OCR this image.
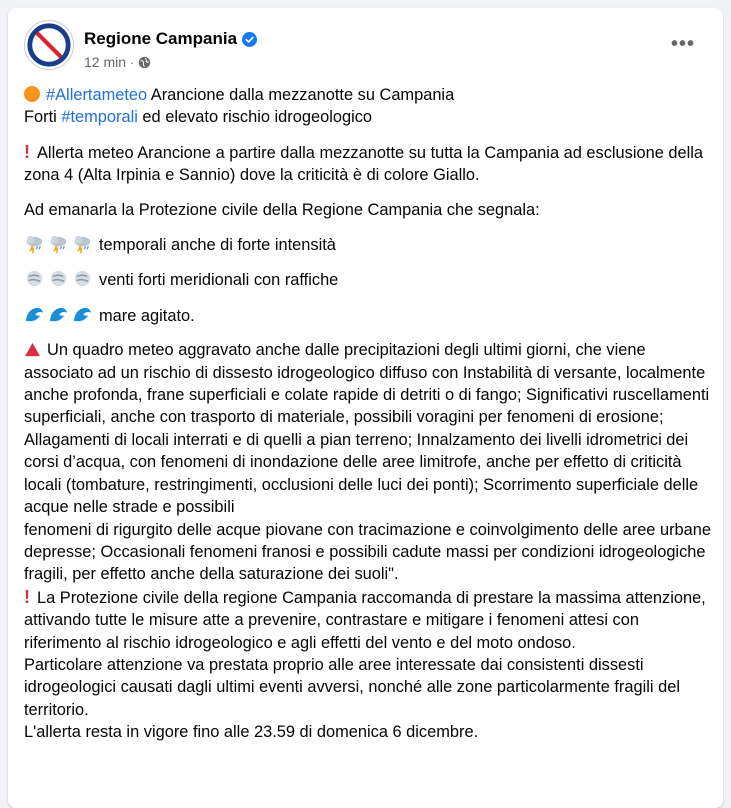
Regione Campania
12 min ·
•••

#Allertameteo Arancione dalla mezzanotte su Campania
Forti #temporali ed elevato rischio idrogeologico

! Allerta meteo Arancione a partire dalla mezzanotte su tutta la Campania ad esclusione della zona 4 (Alta Irpinia e Sannio) dove la criticità è di colore Giallo.

Ad emanarla la Protezione civile della Regione Campania che segnala:

temporali anche di forte intensità

venti forti meridionali con raffiche

mare agitato.

Un quadro meteo aggravato anche dalle precipitazioni degli ultimi giorni, che viene associato ad un rischio di dissesto idrogeologico diffuso con Instabilità di versante, localmente anche profonda, frane superficiali e colate rapide di detriti o di fango; Significativi ruscellamenti superficiali, anche con trasporto di materiale, possibili voragini per fenomeni di erosione; Allagamenti di locali interrati e di quelli a pian terreno; Innalzamento dei livelli idrometrici dei corsi d’acqua, con fenomeni di inondazione delle aree limitrofe, anche per effetto di criticità locali (tombature, restringimenti, occlusioni delle luci dei ponti); Scorrimento superficiale delle acque nelle strade e possibili
fenomeni di rigurgito delle acque piovane con tracimazione e coinvolgimento delle aree urbane depresse; Occasionali fenomeni franosi e possibili cadute massi per condizioni idrogeologiche fragili, per effetto anche della saturazione dei suoli".
! La Protezione civile della regione Campania raccomanda di prestare la massima attenzione, attivando tutte le misure atte a prevenire, contrastare e mitigare i fenomeni attesi con riferimento al rischio idrogeologico e agli effetti del vento e del moto ondoso.
Particolare attenzione va prestata proprio alle aree interessate dai consistenti dissesti idrogeologici causati dagli ultimi eventi avversi, nonché alle zone particolarmente fragili del territorio.
L'allerta resta in vigore fino alle 23.59 di domenica 6 dicembre.
